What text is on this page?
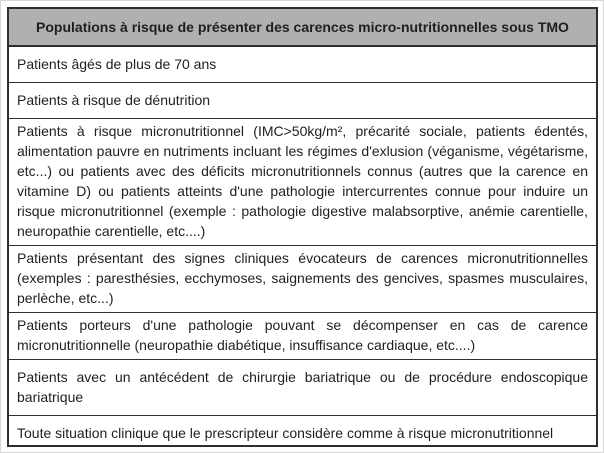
Populations à risque de présenter des carences micro-nutritionnelles sous TMO
Patients âgés de plus de 70 ans
Patients à risque de dénutrition
Patients à risque micronutritionnel (IMC>50kg/m², précarité sociale, patients édentés, alimentation pauvre en nutriments incluant les régimes d'exlusion (véganisme, végétarisme, etc...) ou patients avec des déficits micronutritionnels connus (autres que la carence en vitamine D) ou patients atteints d'une pathologie intercurrentes connue pour induire un risque micronutritionnel (exemple : pathologie digestive malabsorptive, anémie carentielle, neuropathie carentielle, etc....)
Patients présentant des signes cliniques évocateurs de carences micronutritionnelles (exemples : paresthésies, ecchymoses, saignements des gencives, spasmes musculaires, perlèche, etc...)
Patients porteurs d'une pathologie pouvant se décompenser en cas de carence micronutritionnelle (neuropathie diabétique, insuffisance cardiaque, etc....)
Patients avec un antécédent de chirurgie bariatrique ou de procédure endoscopique bariatrique
Toute situation clinique que le prescripteur considère comme à risque micronutritionnel
